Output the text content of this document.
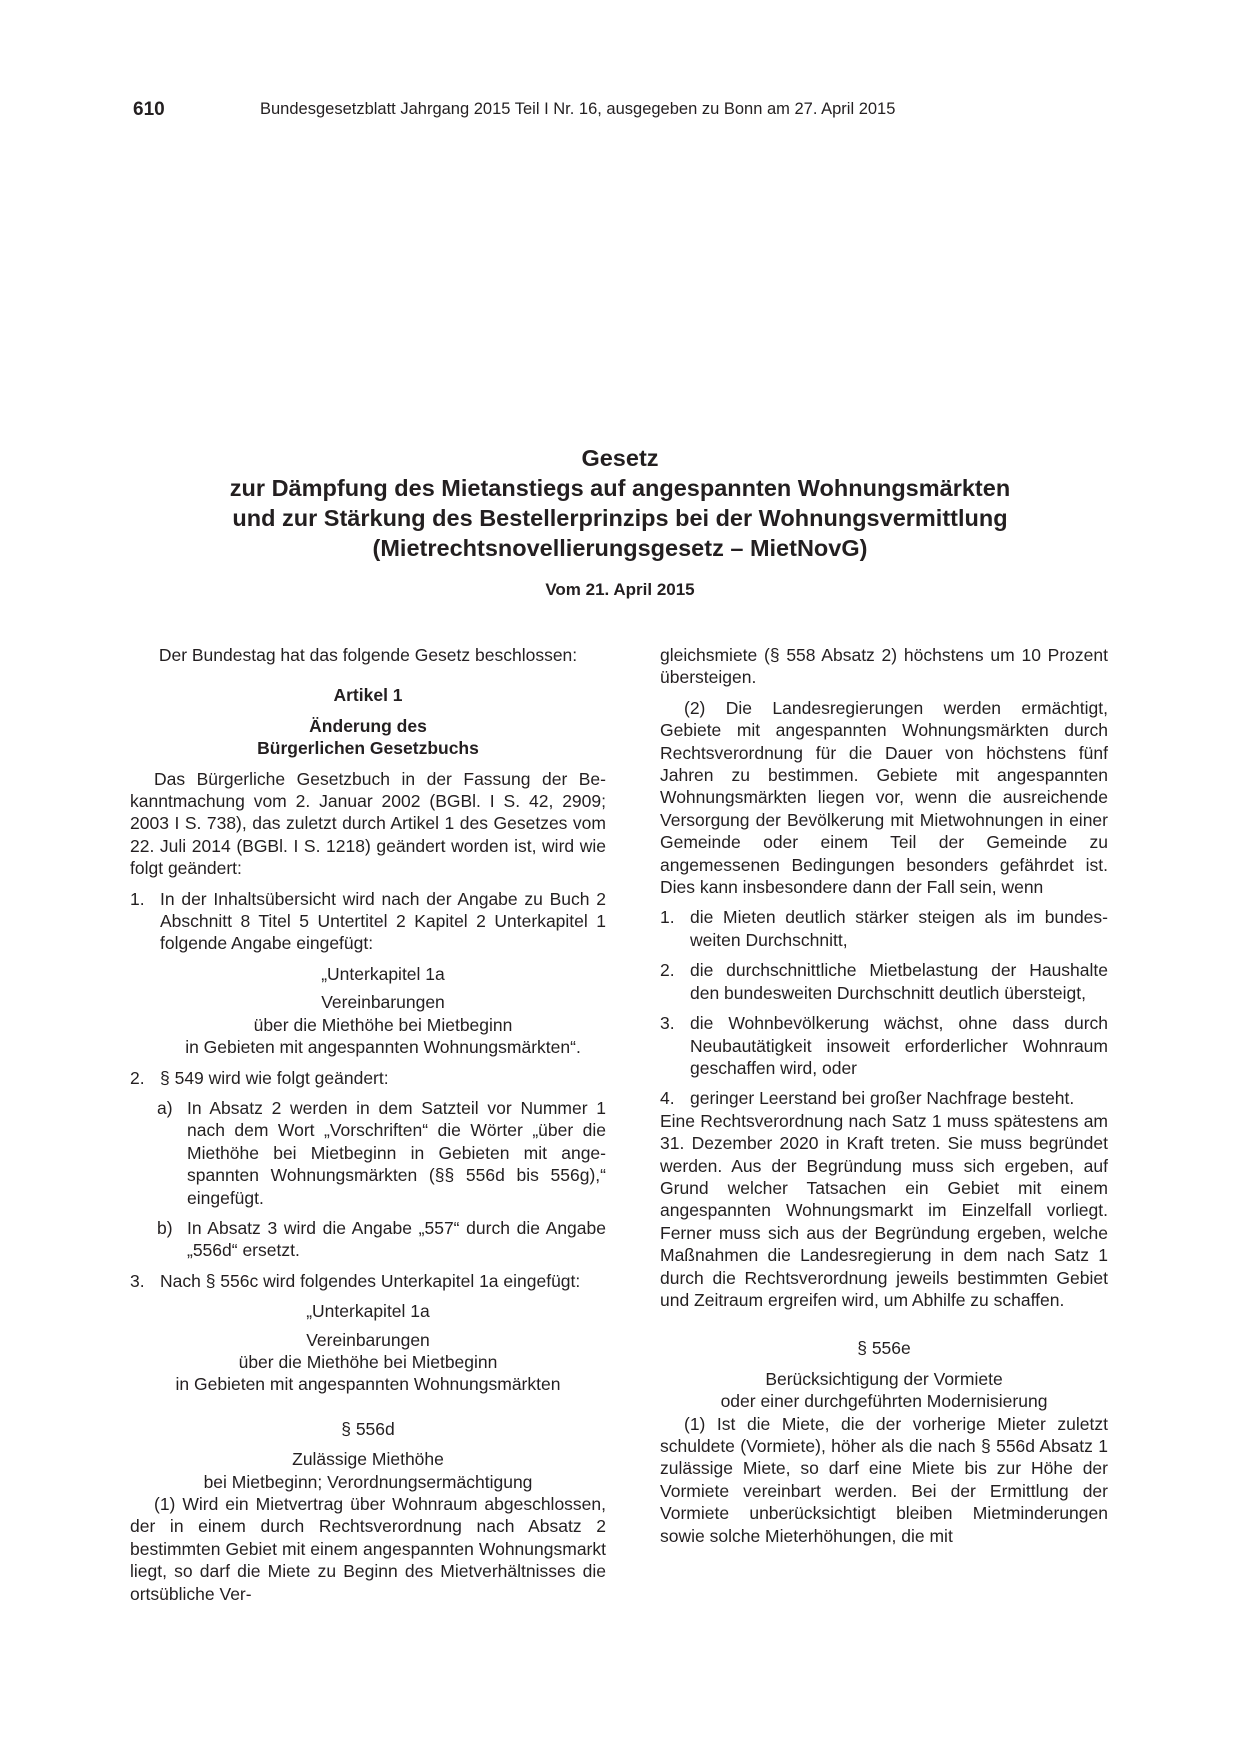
610	Bundesgesetzblatt Jahrgang 2015 Teil I Nr. 16, ausgegeben zu Bonn am 27. April 2015
Gesetz
zur Dämpfung des Mietanstiegs auf angespannten Wohnungsmärkten
und zur Stärkung des Bestellerprinzips bei der Wohnungsvermittlung
(Mietrechtsnovellierungsgesetz – MietNovG)
Vom 21. April 2015

Der Bundestag hat das folgende Gesetz beschlossen:

Artikel 1

Änderung des

Bürgerlichen Gesetzbuchs

Das Bürgerliche Gesetzbuch in der Fassung der Bekanntmachung vom 2. Januar 2002 (BGBl. I S. 42, 2909; 2003 I S. 738), das zuletzt durch Artikel 1 des Gesetzes vom 22. Juli 2014 (BGBl. I S. 1218) geändert worden ist, wird wie folgt geändert:

1. In der Inhaltsübersicht wird nach der Angabe zu Buch 2 Abschnitt 8 Titel 5 Untertitel 2 Kapitel 2 Unterkapitel 1 folgende Angabe eingefügt:
„Unterkapitel 1a
Vereinbarungen
über die Miethöhe bei Mietbeginn
in Gebieten mit angespannten Wohnungsmärkten“.
2. § 549 wird wie folgt geändert:
a) In Absatz 2 werden in dem Satzteil vor Nummer 1 nach dem Wort „Vorschriften“ die Wörter „über die Miethöhe bei Mietbeginn in Gebieten mit angespannten Wohnungsmärkten (§§ 556d bis 556g),“ eingefügt.
b) In Absatz 3 wird die Angabe „557“ durch die Angabe „556d“ ersetzt.
3. Nach § 556c wird folgendes Unterkapitel 1a eingefügt:
„Unterkapitel 1a
Vereinbarungen
über die Miethöhe bei Mietbeginn
in Gebieten mit angespannten Wohnungsmärkten
§ 556d
Zulässige Miethöhe
bei Mietbeginn; Verordnungsermächtigung

(1) Wird ein Mietvertrag über Wohnraum abgeschlossen, der in einem durch Rechtsverordnung nach Absatz 2 bestimmten Gebiet mit einem angespannten Wohnungsmarkt liegt, so darf die Miete zu Beginn des Mietverhältnisses die ortsübliche Ver-

gleichsmiete (§ 558 Absatz 2) höchstens um 10 Prozent übersteigen.

(2) Die Landesregierungen werden ermächtigt, Gebiete mit angespannten Wohnungsmärkten durch Rechtsverordnung für die Dauer von höchstens fünf Jahren zu bestimmen. Gebiete mit angespannten Wohnungsmärkten liegen vor, wenn die ausreichende Versorgung der Bevölkerung mit Mietwohnungen in einer Gemeinde oder einem Teil der Gemeinde zu angemessenen Bedingungen besonders gefährdet ist. Dies kann insbesondere dann der Fall sein, wenn

1. die Mieten deutlich stärker steigen als im bundesweiten Durchschnitt,
2. die durchschnittliche Mietbelastung der Haushalte den bundesweiten Durchschnitt deutlich übersteigt,
3. die Wohnbevölkerung wächst, ohne dass durch Neubautätigkeit insoweit erforderlicher Wohnraum geschaffen wird, oder
4. geringer Leerstand bei großer Nachfrage besteht.

Eine Rechtsverordnung nach Satz 1 muss spätestens am 31. Dezember 2020 in Kraft treten. Sie muss begründet werden. Aus der Begründung muss sich ergeben, auf Grund welcher Tatsachen ein Gebiet mit einem angespannten Wohnungsmarkt im Einzelfall vorliegt. Ferner muss sich aus der Begründung ergeben, welche Maßnahmen die Landesregierung in dem nach Satz 1 durch die Rechtsverordnung jeweils bestimmten Gebiet und Zeitraum ergreifen wird, um Abhilfe zu schaffen.

§ 556e
Berücksichtigung der Vormiete
oder einer durchgeführten Modernisierung

(1) Ist die Miete, die der vorherige Mieter zuletzt schuldete (Vormiete), höher als die nach § 556d Absatz 1 zulässige Miete, so darf eine Miete bis zur Höhe der Vormiete vereinbart werden. Bei der Ermittlung der Vormiete unberücksichtigt bleiben Mietminderungen sowie solche Mieterhöhungen, die mit
